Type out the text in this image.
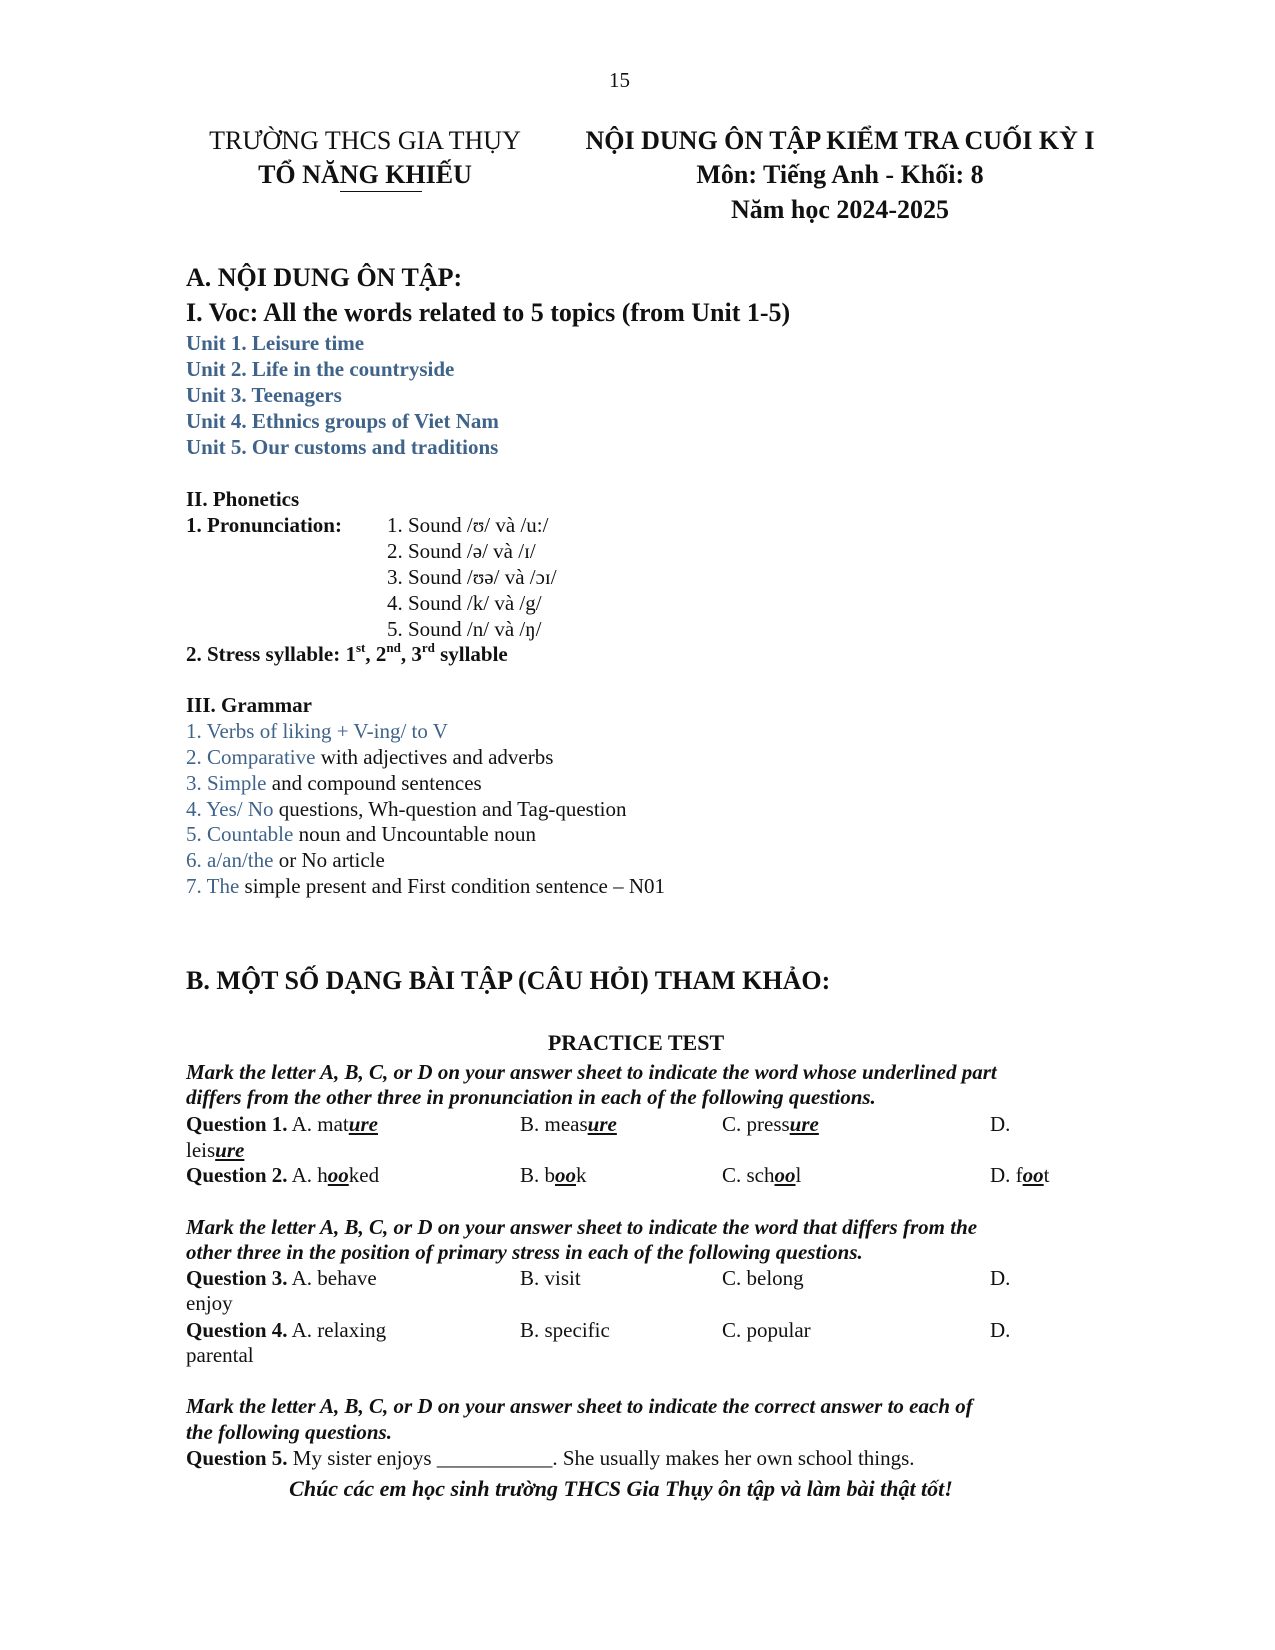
15
TRƯỜNG THCS GIA THỤY
TỔ NĂNG KHIẾU
NỘI DUNG ÔN TẬP KIỂM TRA CUỐI KỲ I
Môn: Tiếng Anh - Khối: 8
Năm học 2024-2025
A. NỘI DUNG ÔN TẬP:
I. Voc: All the words related to 5 topics (from Unit 1-5)
Unit 1. Leisure time
Unit 2. Life in the countryside
Unit 3. Teenagers
Unit 4. Ethnics groups of Viet Nam
Unit 5. Our customs and traditions
II. Phonetics
1. Pronunciation: 1. Sound /ʊ/ và /u:/
2. Sound /ə/ và /ɪ/
3. Sound /ʊə/ và /ɔɪ/
4. Sound /k/ và /g/
5. Sound /n/ và /ŋ/
2. Stress syllable: 1st, 2nd, 3rd syllable
III. Grammar
1. Verbs of liking + V-ing/ to V
2. Comparative with adjectives and adverbs
3. Simple and compound sentences
4. Yes/ No questions, Wh-question and Tag-question
5. Countable noun and Uncountable noun
6. a/an/the or No article
7. The simple present and First condition sentence – N01
B. MỘT SỐ DẠNG BÀI TẬP (CÂU HỎI) THAM KHẢO:
PRACTICE TEST
Mark the letter A, B, C, or D on your answer sheet to indicate the word whose underlined part
differs from the other three in pronunciation in each of the following questions.
Question 1. A. mature	B. measure	C. pressure	D.
leisure
Question 2. A. hooked	B. book	C. school	D. foot
Mark the letter A, B, C, or D on your answer sheet to indicate the word that differs from the
other three in the position of primary stress in each of the following questions.
Question 3. A. behave	B. visit	C. belong	D.
enjoy
Question 4. A. relaxing	B. specific	C. popular	D.
parental
Mark the letter A, B, C, or D on your answer sheet to indicate the correct answer to each of
the following questions.
Question 5. My sister enjoys ___________. She usually makes her own school things.
Chúc các em học sinh trường THCS Gia Thụy ôn tập và làm bài thật tốt!
